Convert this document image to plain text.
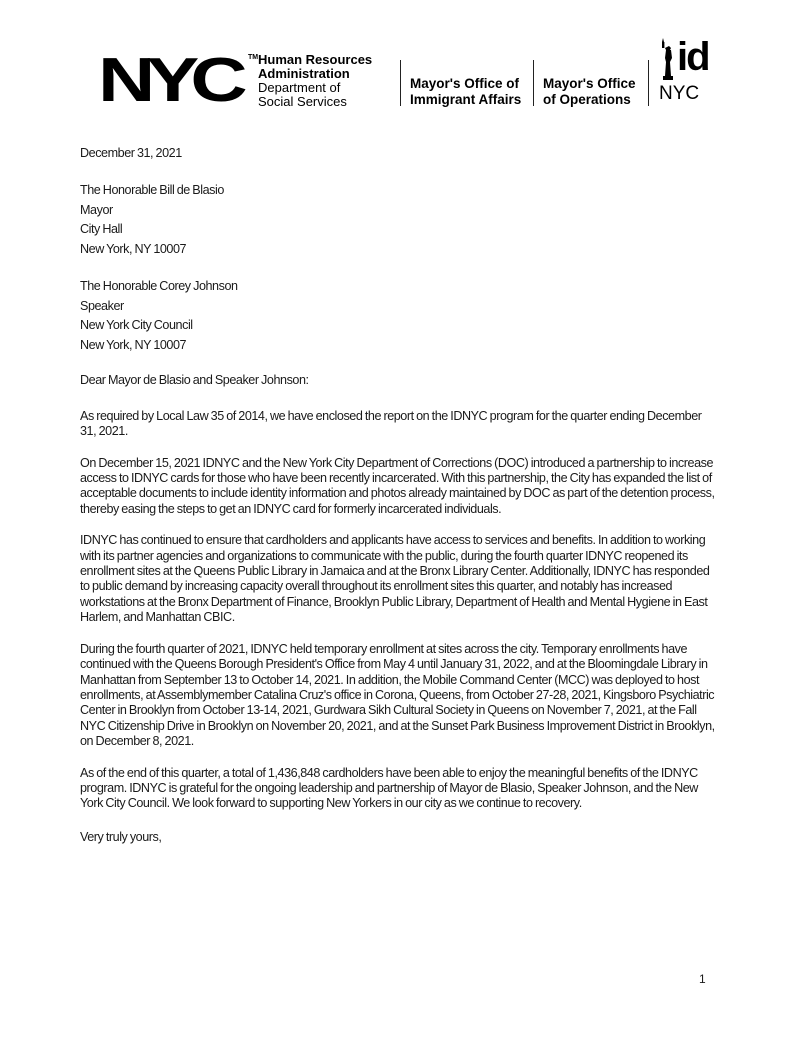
NYC TM Human Resources
Administration
Department of
Social Services
Mayor's Office of
Immigrant Affairs
Mayor's Office
of Operations
id
NYC

December 31, 2021

The Honorable Bill de Blasio

Mayor

City Hall

New York, NY 10007

The Honorable Corey Johnson

Speaker

New York City Council

New York, NY 10007

Dear Mayor de Blasio and Speaker Johnson:

As required by Local Law 35 of 2014, we have enclosed the report on the IDNYC program for the quarter ending December 31, 2021.

On December 15, 2021 IDNYC and the New York City Department of Corrections (DOC) introduced a partnership to increase access to IDNYC cards for those who have been recently incarcerated. With this partnership, the City has expanded the list of acceptable documents to include identity information and photos already maintained by DOC as part of the detention process, thereby easing the steps to get an IDNYC card for formerly incarcerated individuals.

IDNYC has continued to ensure that cardholders and applicants have access to services and benefits. In addition to working with its partner agencies and organizations to communicate with the public, during the fourth quarter IDNYC reopened its enrollment sites at the Queens Public Library in Jamaica and at the Bronx Library Center. Additionally, IDNYC has responded to public demand by increasing capacity overall throughout its enrollment sites this quarter, and notably has increased workstations at the Bronx Department of Finance, Brooklyn Public Library, Department of Health and Mental Hygiene in East Harlem, and Manhattan CBIC.

During the fourth quarter of 2021, IDNYC held temporary enrollment at sites across the city. Temporary enrollments have continued with the Queens Borough President's Office from May 4 until January 31, 2022, and at the Bloomingdale Library in Manhattan from September 13 to October 14, 2021. In addition, the Mobile Command Center (MCC) was deployed to host enrollments, at Assemblymember Catalina Cruz's office in Corona, Queens, from October 27-28, 2021, Kingsboro Psychiatric Center in Brooklyn from October 13-14, 2021, Gurdwara Sikh Cultural Society in Queens on November 7, 2021, at the Fall NYC Citizenship Drive in Brooklyn on November 20, 2021, and at the Sunset Park Business Improvement District in Brooklyn, on December 8, 2021.

As of the end of this quarter, a total of 1,436,848 cardholders have been able to enjoy the meaningful benefits of the IDNYC program. IDNYC is grateful for the ongoing leadership and partnership of Mayor de Blasio, Speaker Johnson, and the New York City Council. We look forward to supporting New Yorkers in our city as we continue to recovery.

Very truly yours,

1
